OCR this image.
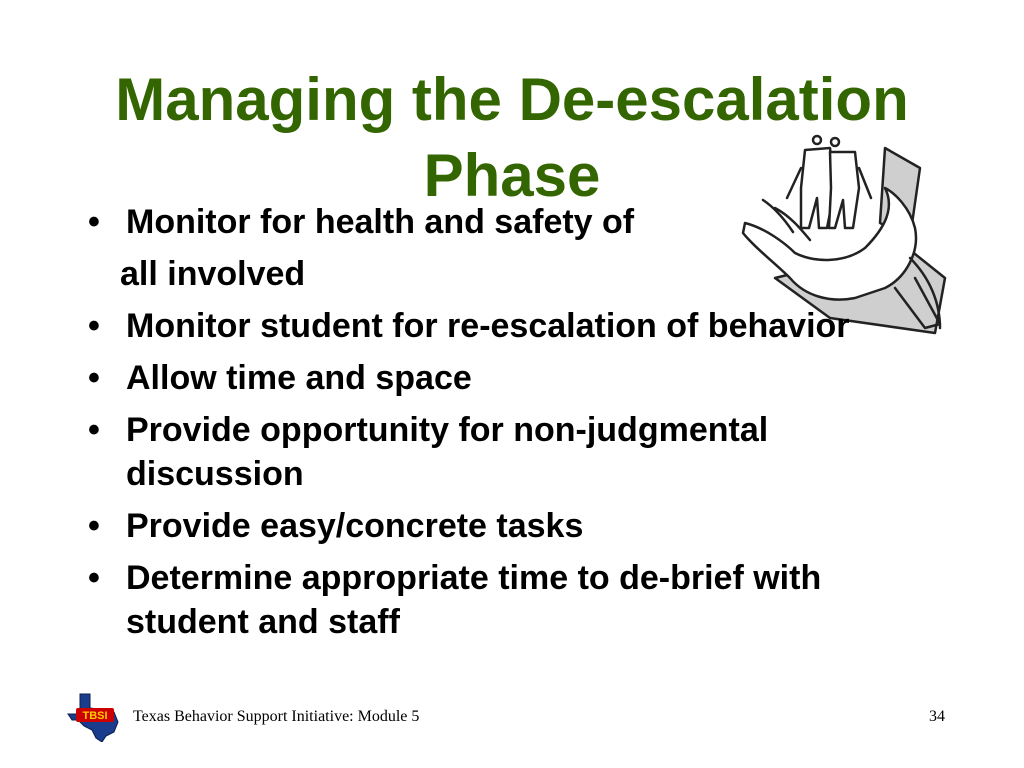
Managing the De-escalation Phase
• Monitor for health and safety of
all involved
• Monitor student for re-escalation of behavior
• Allow time and space
• Provide opportunity for non-judgmental discussion
• Provide easy/concrete tasks
• Determine appropriate time to de-brief with student and staff
TBSI Texas Behavior Support Initiative: Module 5	34
